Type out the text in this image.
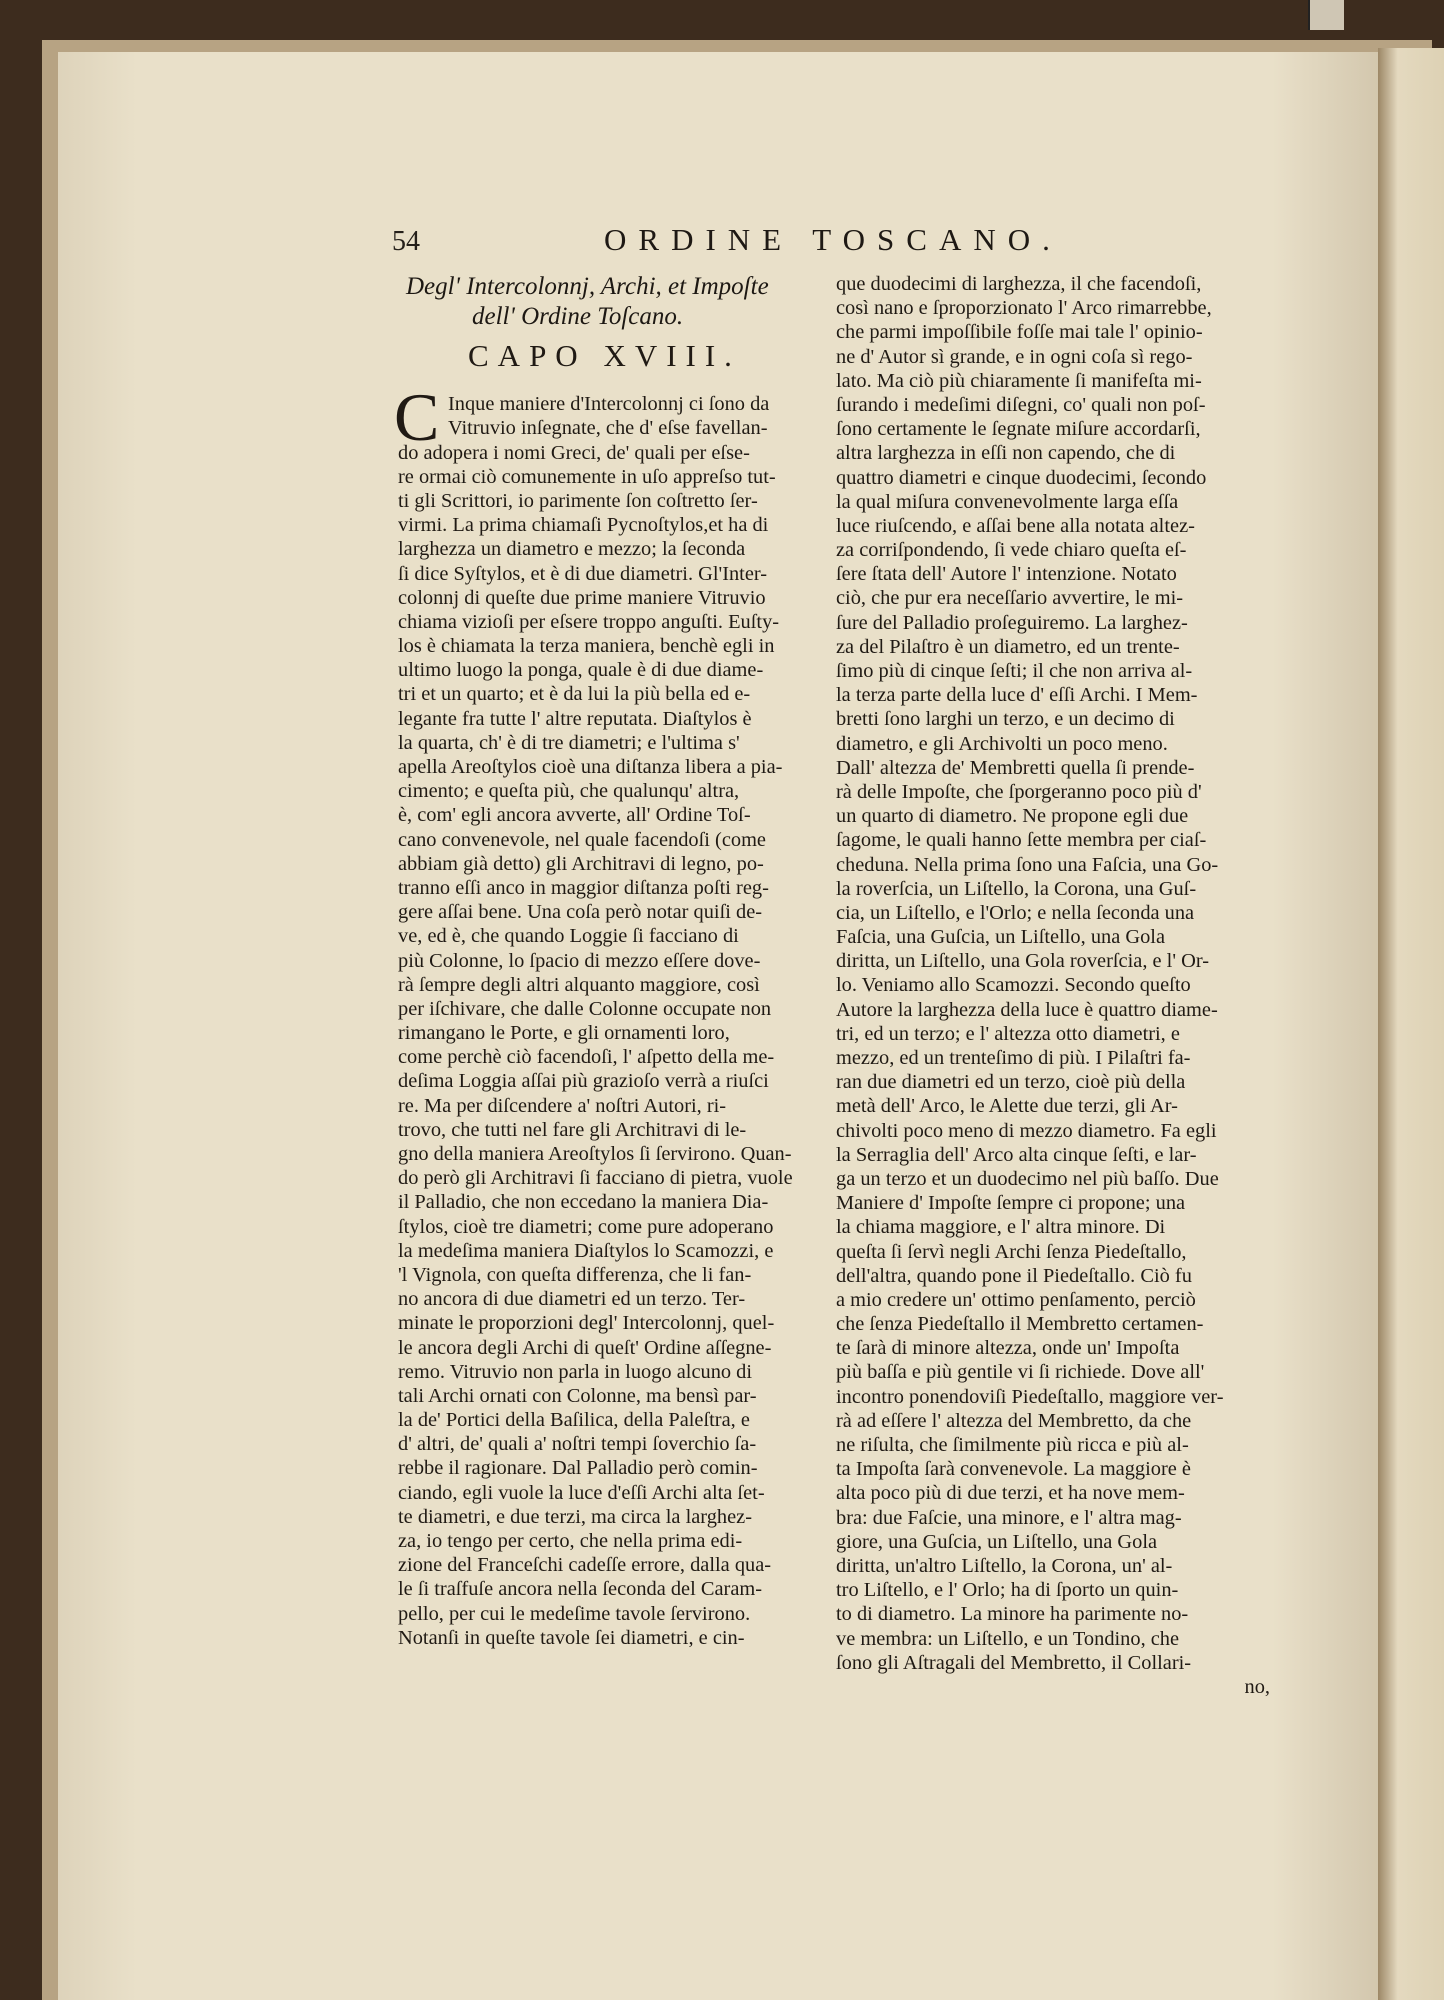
54	ORDINE TOSCANO.
Degl' Intercolonnj, Archi, et Impoſte
dell' Ordine Toſcano.
CAPO XVIII.
C Inque maniere d'Intercolonnj ci ſono da
Vitruvio inſegnate, che d' eſse favellan-
do adopera i nomi Greci, de' quali per eſse-
re ormai ciò comunemente in uſo appreſso tut-
ti gli Scrittori, io parimente ſon coſtretto ſer-
virmi. La prima chiamaſi Pycnoſtylos,et ha di
larghezza un diametro e mezzo; la ſeconda
ſi dice Syſtylos, et è di due diametri. Gl'Inter-
colonnj di queſte due prime maniere Vitruvio
chiama vizioſi per eſsere troppo anguſti. Euſty-
los è chiamata la terza maniera, benchè egli in
ultimo luogo la ponga, quale è di due diame-
tri et un quarto; et è da lui la più bella ed e-
legante fra tutte l' altre reputata. Diaſtylos è
la quarta, ch' è di tre diametri; e l'ultima s'
apella Areoſtylos cioè una diſtanza libera a pia-
cimento; e queſta più, che qualunqu' altra,
è, com' egli ancora avverte, all' Ordine Toſ-
cano convenevole, nel quale facendoſi (come
abbiam già detto) gli Architravi di legno, po-
tranno eſſi anco in maggior diſtanza poſti reg-
gere aſſai bene. Una coſa però notar quiſi de-
ve, ed è, che quando Loggie ſi facciano di
più Colonne, lo ſpacio di mezzo eſſere dove-
rà ſempre degli altri alquanto maggiore, così
per iſchivare, che dalle Colonne occupate non
rimangano le Porte, e gli ornamenti loro,
come perchè ciò facendoſi, l' aſpetto della me-
deſima Loggia aſſai più grazioſo verrà a riuſci
re. Ma per diſcendere a' noſtri Autori, ri-
trovo, che tutti nel fare gli Architravi di le-
gno della maniera Areoſtylos ſi ſervirono. Quan-
do però gli Architravi ſi facciano di pietra, vuole
il Palladio, che non eccedano la maniera Dia-
ſtylos, cioè tre diametri; come pure adoperano
la medeſima maniera Diaſtylos lo Scamozzi, e
'l Vignola, con queſta differenza, che li fan-
no ancora di due diametri ed un terzo. Ter-
minate le proporzioni degl' Intercolonnj, quel-
le ancora degli Archi di queſt' Ordine aſſegne-
remo. Vitruvio non parla in luogo alcuno di
tali Archi ornati con Colonne, ma bensì par-
la de' Portici della Baſilica, della Paleſtra, e
d' altri, de' quali a' noſtri tempi ſoverchio ſa-
rebbe il ragionare. Dal Palladio però comin-
ciando, egli vuole la luce d'eſſi Archi alta ſet-
te diametri, e due terzi, ma circa la larghez-
za, io tengo per certo, che nella prima edi-
zione del Franceſchi cadeſſe errore, dalla qua-
le ſi traſfuſe ancora nella ſeconda del Caram-
pello, per cui le medeſime tavole ſervirono.
Notanſi in queſte tavole ſei diametri, e cin-
que duodecimi di larghezza, il che facendoſi,
così nano e ſproporzionato l' Arco rimarrebbe,
che parmi impoſſibile foſſe mai tale l' opinio-
ne d' Autor sì grande, e in ogni coſa sì rego-
lato. Ma ciò più chiaramente ſi manifeſta mi-
ſurando i medeſimi diſegni, co' quali non poſ-
ſono certamente le ſegnate miſure accordarſi,
altra larghezza in eſſi non capendo, che di
quattro diametri e cinque duodecimi, ſecondo
la qual miſura convenevolmente larga eſſa
luce riuſcendo, e aſſai bene alla notata altez-
za corriſpondendo, ſi vede chiaro queſta eſ-
ſere ſtata dell' Autore l' intenzione. Notato
ciò, che pur era neceſſario avvertire, le mi-
ſure del Palladio proſeguiremo. La larghez-
za del Pilaſtro è un diametro, ed un trente-
ſimo più di cinque ſeſti; il che non arriva al-
la terza parte della luce d' eſſi Archi. I Mem-
bretti ſono larghi un terzo, e un decimo di
diametro, e gli Archivolti un poco meno.
Dall' altezza de' Membretti quella ſi prende-
rà delle Impoſte, che ſporgeranno poco più d'
un quarto di diametro. Ne propone egli due
ſagome, le quali hanno ſette membra per ciaſ-
cheduna. Nella prima ſono una Faſcia, una Go-
la roverſcia, un Liſtello, la Corona, una Guſ-
cia, un Liſtello, e l'Orlo; e nella ſeconda una
Faſcia, una Guſcia, un Liſtello, una Gola
diritta, un Liſtello, una Gola roverſcia, e l' Or-
lo. Veniamo allo Scamozzi. Secondo queſto
Autore la larghezza della luce è quattro diame-
tri, ed un terzo; e l' altezza otto diametri, e
mezzo, ed un trenteſimo di più. I Pilaſtri fa-
ran due diametri ed un terzo, cioè più della
metà dell' Arco, le Alette due terzi, gli Ar-
chivolti poco meno di mezzo diametro. Fa egli
la Serraglia dell' Arco alta cinque ſeſti, e lar-
ga un terzo et un duodecimo nel più baſſo. Due
Maniere d' Impoſte ſempre ci propone; una
la chiama maggiore, e l' altra minore. Di
queſta ſi ſervì negli Archi ſenza Piedeſtallo,
dell'altra, quando pone il Piedeſtallo. Ciò fu
a mio credere un' ottimo penſamento, perciò
che ſenza Piedeſtallo il Membretto certamen-
te ſarà di minore altezza, onde un' Impoſta
più baſſa e più gentile vi ſi richiede. Dove all'
incontro ponendoviſi Piedeſtallo, maggiore ver-
rà ad eſſere l' altezza del Membretto, da che
ne riſulta, che ſimilmente più ricca e più al-
ta Impoſta ſarà convenevole. La maggiore è
alta poco più di due terzi, et ha nove mem-
bra: due Faſcie, una minore, e l' altra mag-
giore, una Guſcia, un Liſtello, una Gola
diritta, un'altro Liſtello, la Corona, un' al-
tro Liſtello, e l' Orlo; ha di ſporto un quin-
to di diametro. La minore ha parimente no-
ve membra: un Liſtello, e un Tondino, che
ſono gli Aſtragali del Membretto, il Collari-
no,
